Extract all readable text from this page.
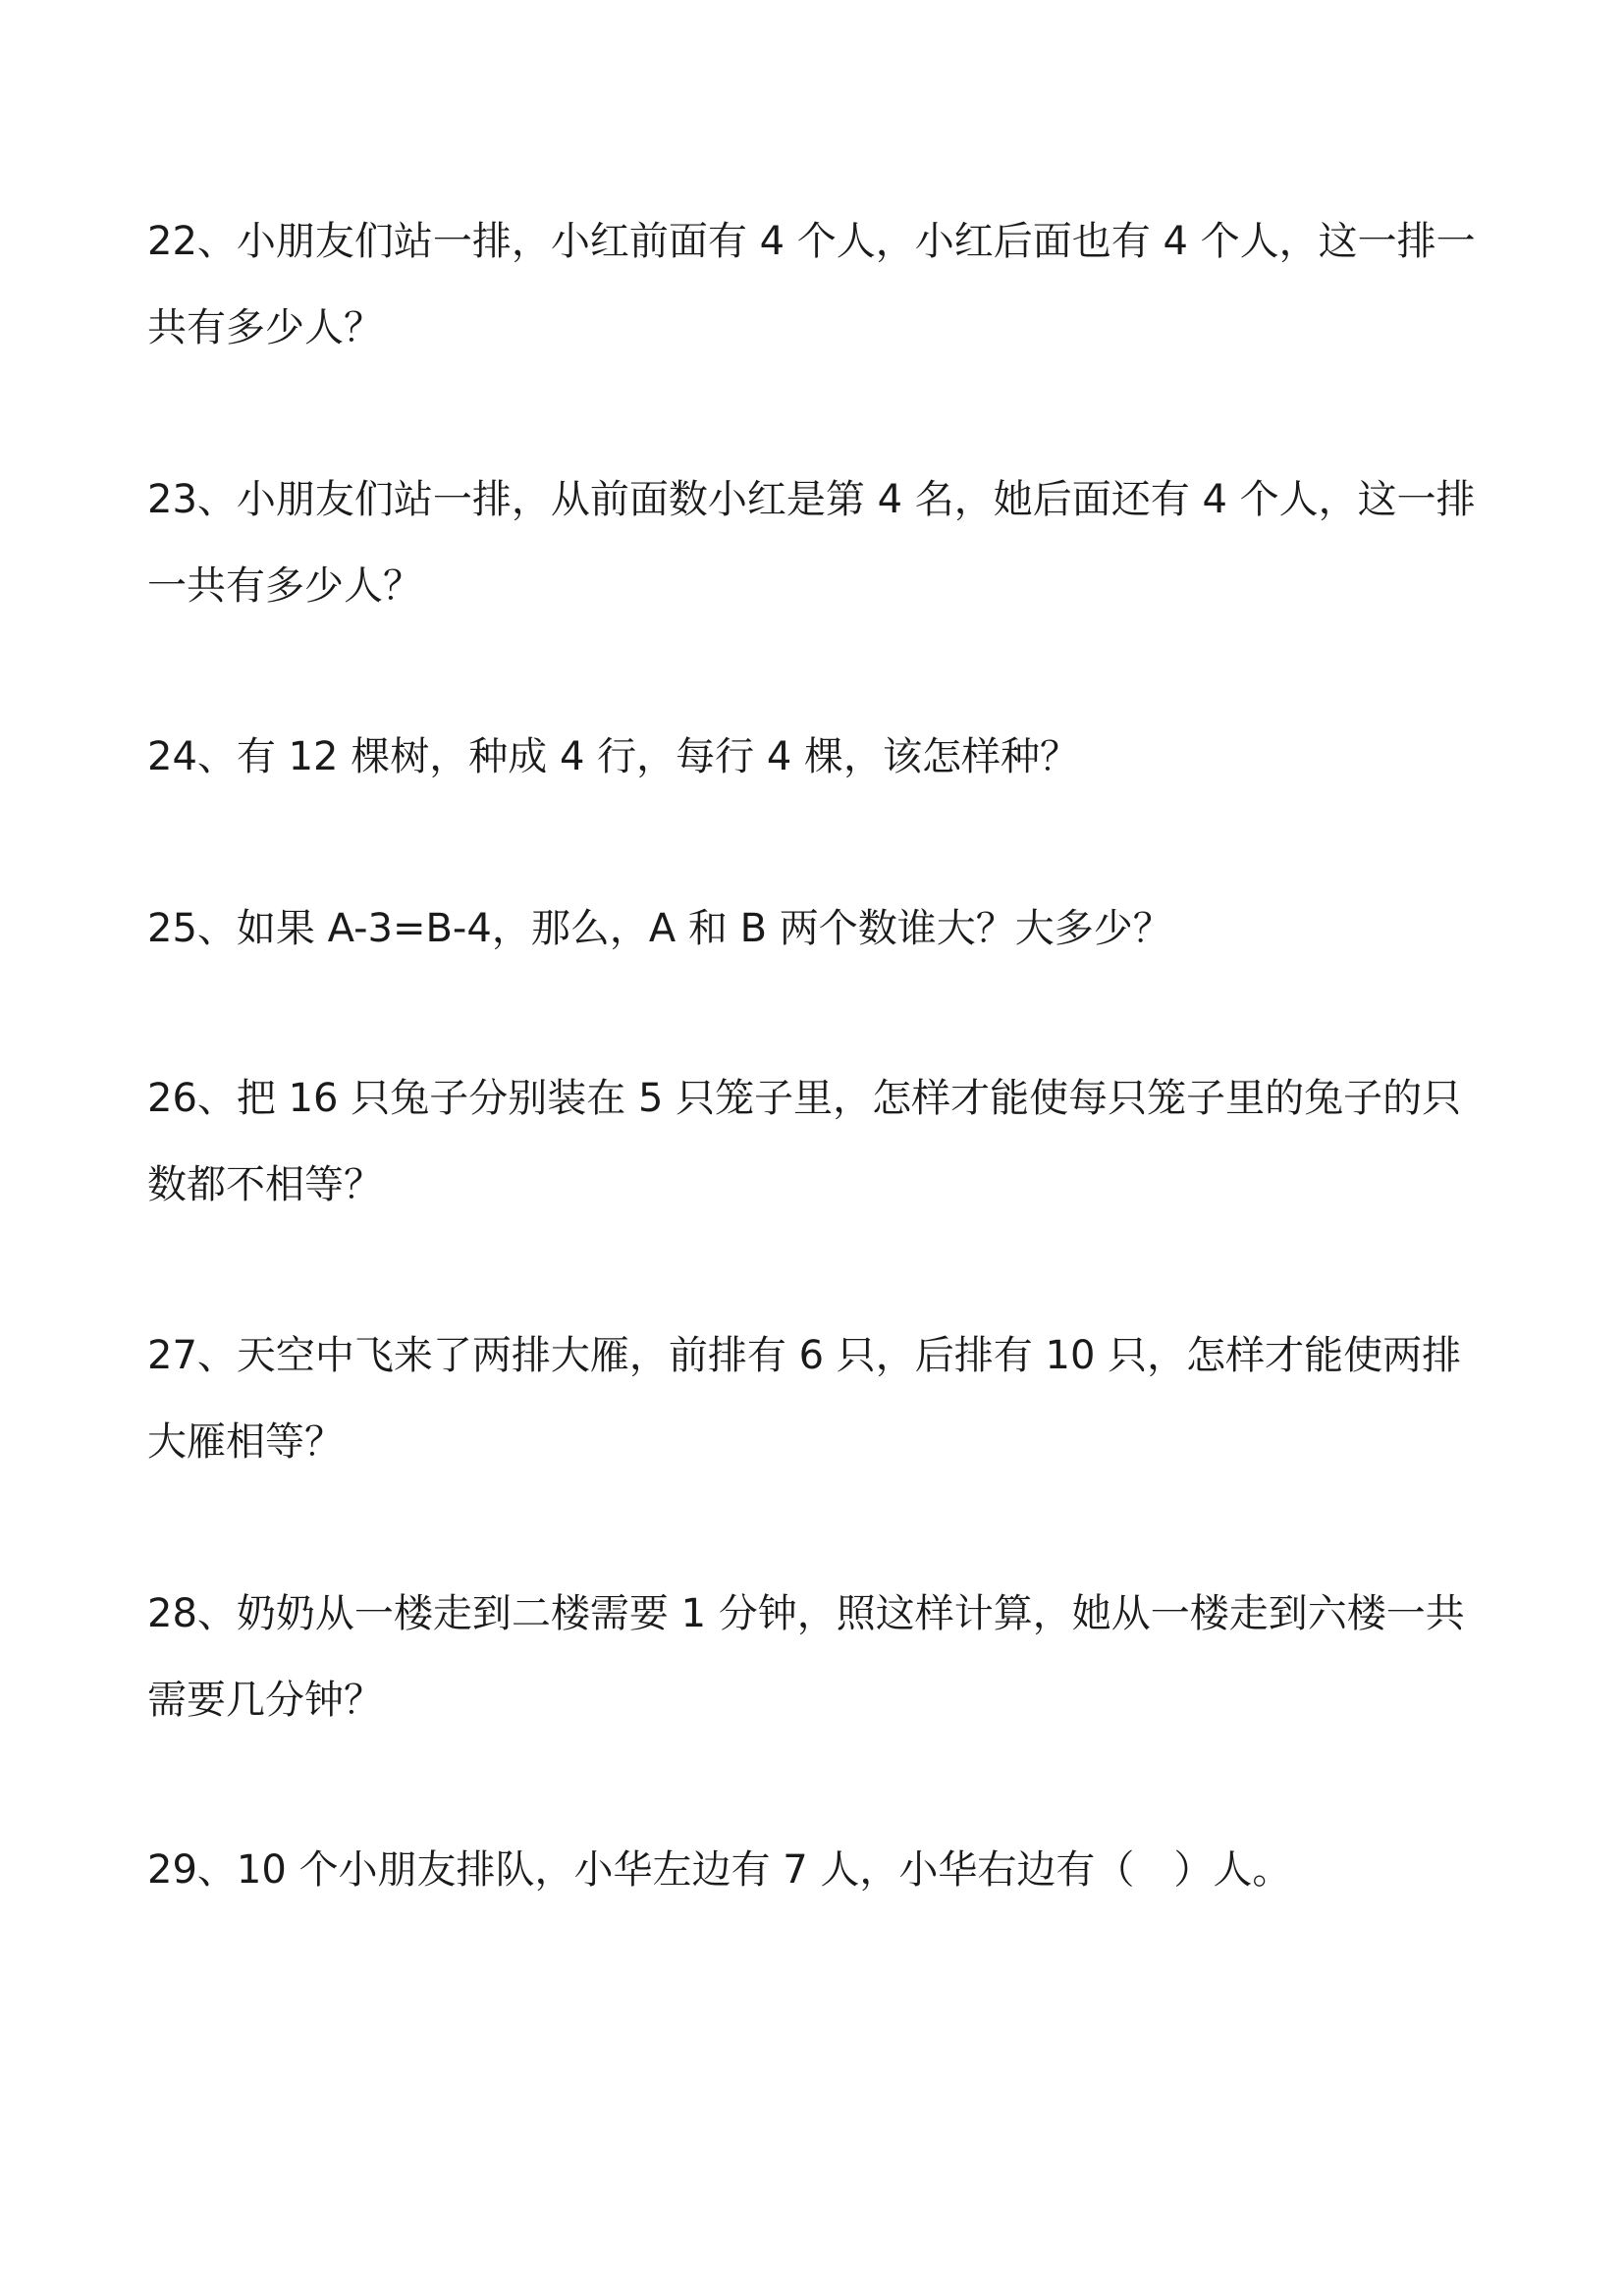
22、小朋友们站一排，小红前面有 4 个人，小红后面也有 4 个人，这一排一共有多少人？

23、小朋友们站一排，从前面数小红是第 4 名，她后面还有 4 个人，这一排一共有多少人？

24、有 12 棵树，种成 4 行，每行 4 棵，该怎样种？

25、如果 A-3=B-4，那么，A 和 B 两个数谁大？大多少？

26、把 16 只兔子分别装在 5 只笼子里，怎样才能使每只笼子里的兔子的只数都不相等？

27、天空中飞来了两排大雁，前排有 6 只，后排有 10 只，怎样才能使两排大雁相等？

28、奶奶从一楼走到二楼需要 1 分钟，照这样计算，她从一楼走到六楼一共需要几分钟？

29、10 个小朋友排队，小华左边有 7 人，小华右边有（　）人。
